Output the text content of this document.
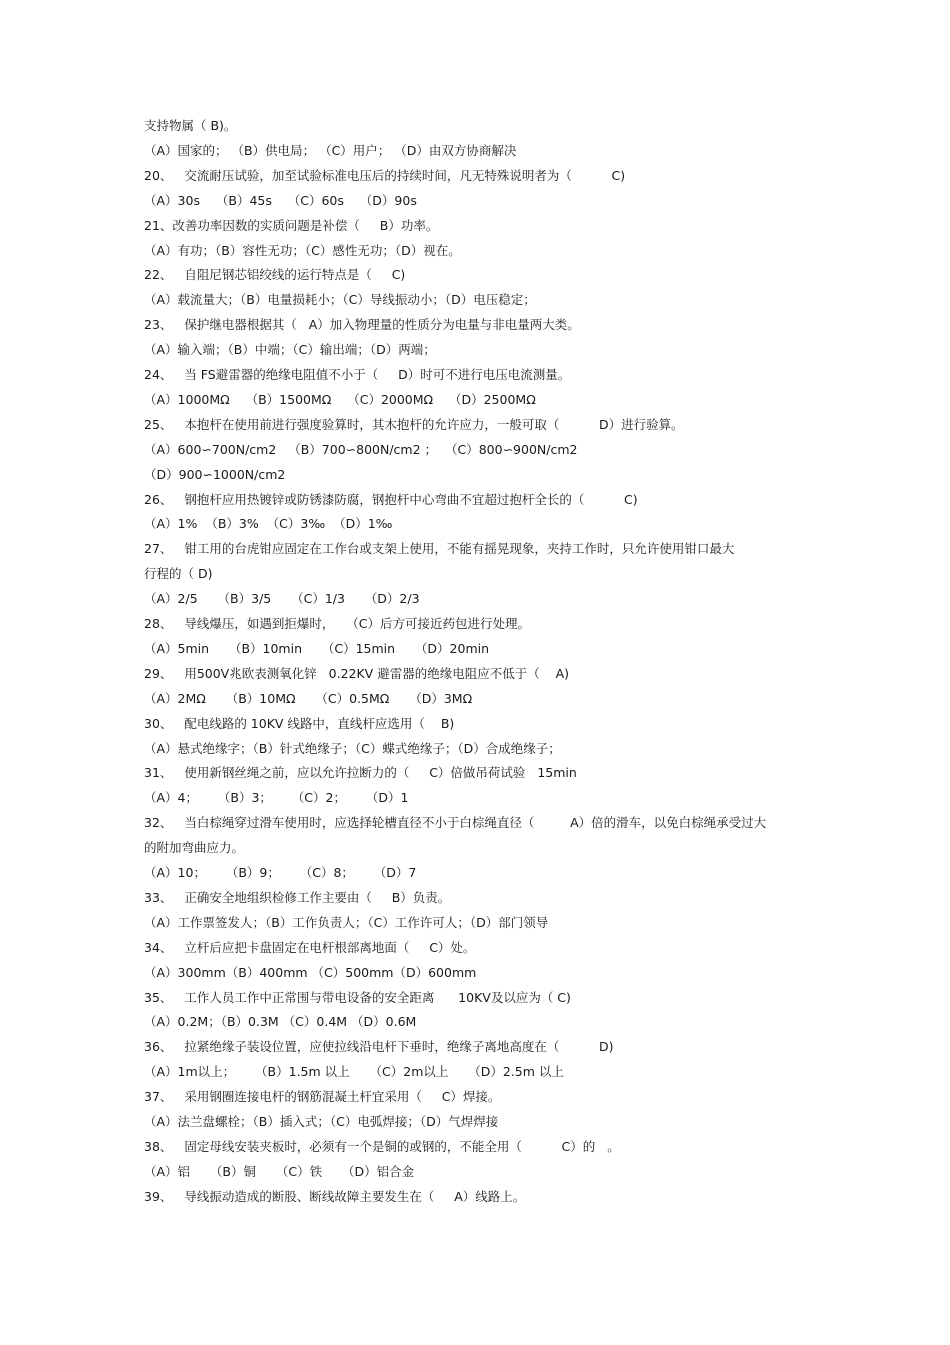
支持物属（ B)。
（A）国家的； （B）供电局； （C）用户； （D）由双方协商解决
20、   交流耐压试验，加至试验标准电压后的持续时间，凡无特殊说明者为（          C)
（A）30s    （B）45s    （C）60s    （D）90s
21、改善功率因数的实质问题是补偿（     B）功率。
（A）有功；（B）容性无功；（C）感性无功；（D）视在。
22、   自阻尼钢芯铝绞线的运行特点是（     C)
（A）载流量大；（B）电量损耗小；（C）导线振动小；（D）电压稳定；
23、   保护继电器根据其（   A）加入物理量的性质分为电量与非电量两大类。
（A）输入端；（B）中端；（C）输出端；（D）两端；
24、   当 FS避雷器的绝缘电阻值不小于（     D）时可不进行电压电流测量。
（A）1000MΩ    （B）1500MΩ    （C）2000MΩ    （D）2500MΩ
25、   本抱杆在使用前进行强度验算时，其木抱杆的允许应力，一般可取（          D）进行验算。
（A）600∽700N/cm2   （B）700∽800N/cm2 ；  （C）800∽900N/cm2
（D）900∽1000N/cm2
26、   钢抱杆应用热镀锌或防锈漆防腐，钢抱杆中心弯曲不宜超过抱杆全长的（          C)
（A）1%  （B）3%  （C）3‰  （D）1‰
27、   钳工用的台虎钳应固定在工作台或支架上使用，不能有摇晃现象，夹持工作时，只允许使用钳口最大
行程的（ D)
（A）2/5     （B）3/5     （C）1/3     （D）2/3
28、   导线爆压，如遇到拒爆时，   （C）后方可接近药包进行处理。
（A）5min     （B）10min     （C）15min     （D）20min
29、   用500V兆欧表测氧化锌   0.22KV 避雷器的绝缘电阻应不低于（    A)
（A）2MΩ     （B）10MΩ     （C）0.5MΩ     （D）3MΩ
30、   配电线路的 10KV 线路中，直线杆应选用（    B)
（A）悬式绝缘字；（B）针式绝缘子；（C）蝶式绝缘子；（D）合成绝缘子；
31、   使用新钢丝绳之前，应以允许拉断力的（     C）倍做吊荷试验   15min
（A）4；     （B）3；     （C）2；     （D）1
32、   当白棕绳穿过滑车使用时，应选择轮槽直径不小于白棕绳直径（         A）倍的滑车，以免白棕绳承受过大
的附加弯曲应力。
（A）10；     （B）9；     （C）8；     （D）7
33、   正确安全地组织检修工作主要由（     B）负责。
（A）工作票签发人；（B）工作负责人；（C）工作许可人；（D）部门领导
34、   立杆后应把卡盘固定在电杆根部离地面（     C）处。
（A）300mm（B）400mm （C）500mm（D）600mm
35、   工作人员工作中正常围与带电设备的安全距离      10KV及以应为（ C)
（A）0.2M；（B）0.3M （C）0.4M （D）0.6M
36、   拉紧绝缘子装设位置，应使拉线沿电杆下垂时，绝缘子离地高度在（          D)
（A）1m以上；     （B）1.5m 以上     （C）2m以上     （D）2.5m 以上
37、   采用钢圈连接电杆的钢筋混凝土杆宜采用（     C）焊接。
（A）法兰盘螺栓；（B）插入式；（C）电弧焊接；（D）气焊焊接
38、   固定母线安装夹板时，必须有一个是铜的或钢的，不能全用（          C）的   。
（A）铝     （B）铜     （C）铁     （D）铝合金
39、   导线振动造成的断股、断线故障主要发生在（     A）线路上。
